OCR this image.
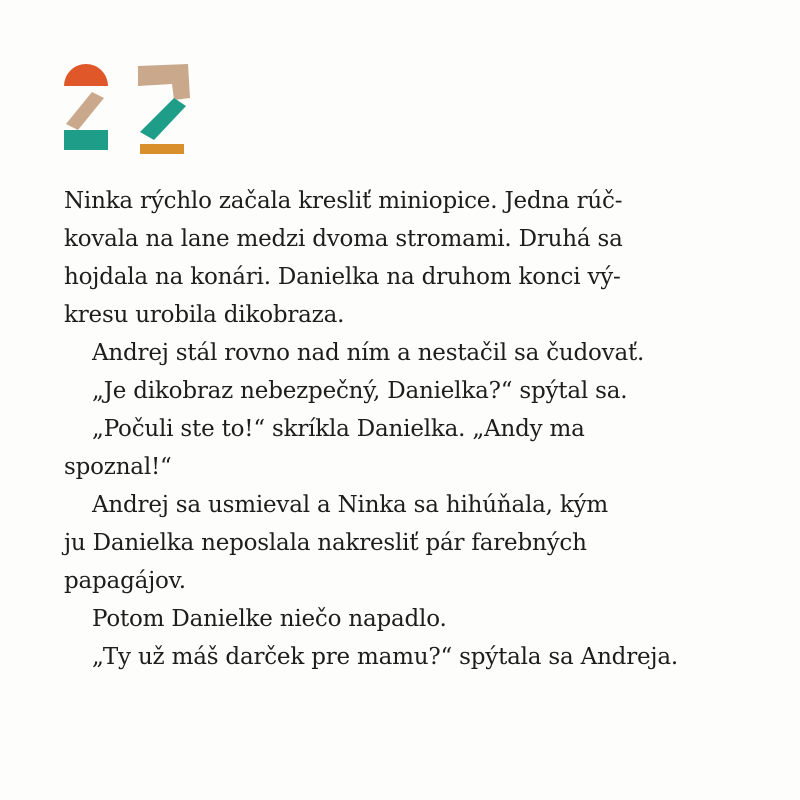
Ninka rýchlo začala kresliť miniopice. Jedna rúč-
kovala na lane medzi dvoma stromami. Druhá sa
hojdala na konári. Danielka na druhom konci vý-
kresu urobila dikobraza.
Andrej stál rovno nad ním a nestačil sa čudovať.
„Je dikobraz nebezpečný, Danielka?“ spýtal sa.
„Počuli ste to!“ skríkla Danielka. „Andy ma
spoznal!“
Andrej sa usmieval a Ninka sa hihúňala, kým
ju Danielka neposlala nakresliť pár farebných
papagájov.
Potom Danielke niečo napadlo.
„Ty už máš darček pre mamu?“ spýtala sa Andreja.
